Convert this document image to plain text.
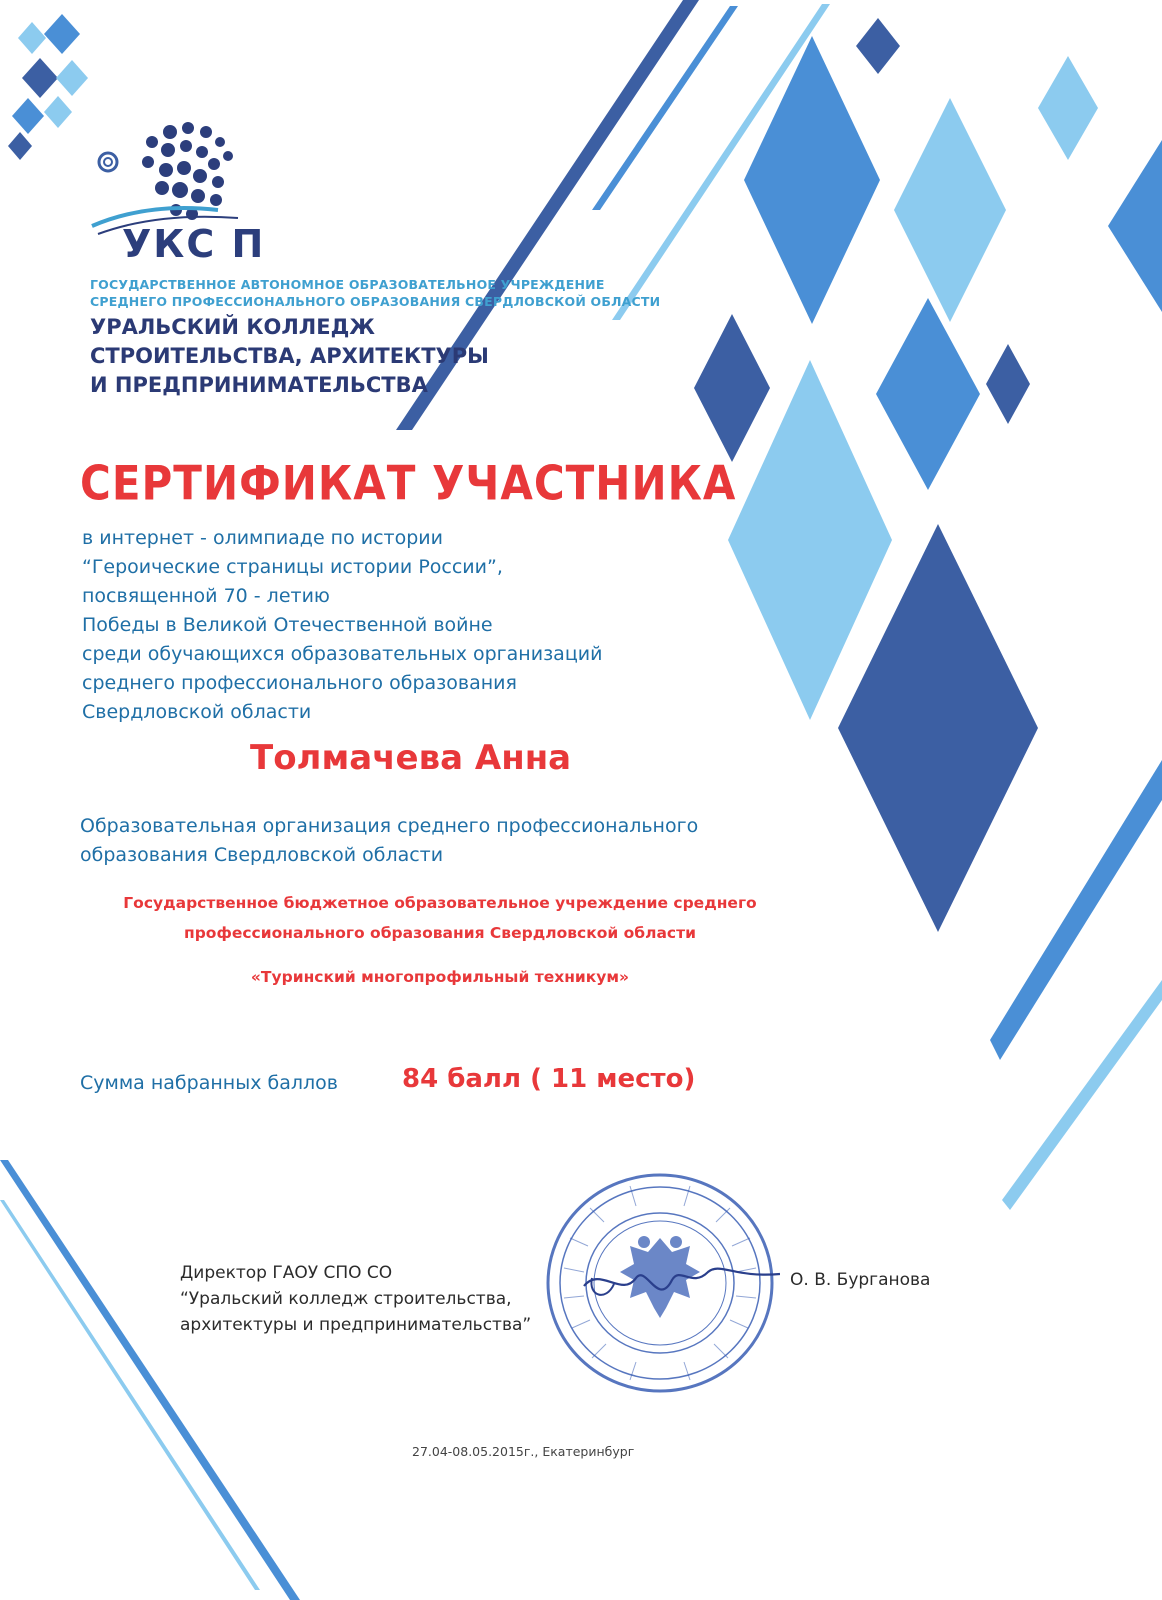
УКС П
ГОСУДАРСТВЕННОЕ АВТОНОМНОЕ ОБРАЗОВАТЕЛЬНОЕ УЧРЕЖДЕНИЕ
СРЕДНЕГО ПРОФЕССИОНАЛЬНОГО ОБРАЗОВАНИЯ СВЕРДЛОВСКОЙ ОБЛАСТИ
УРАЛЬСКИЙ КОЛЛЕДЖ
СТРОИТЕЛЬСТВА, АРХИТЕКТУРЫ
И ПРЕДПРИНИМАТЕЛЬСТВА
СЕРТИФИКАТ УЧАСТНИКА
в интернет - олимпиаде по истории
“Героические страницы истории России”,
посвященной 70 - летию
Победы в Великой Отечественной войне
среди обучающихся образовательных организаций
среднего профессионального образования
Свердловской области
Толмачева Анна
Образовательная организация среднего профессионального
образования Свердловской области
Государственное бюджетное образовательное учреждение среднего
профессионального образования Свердловской области
«Туринский многопрофильный техникум»
Сумма набранных баллов 84 балл ( 11 место)
Директор ГАОУ СПО СО
“Уральский колледж строительства,
архитектуры и предпринимательства”
О. В. Бурганова
27.04-08.05.2015г., Екатеринбург
